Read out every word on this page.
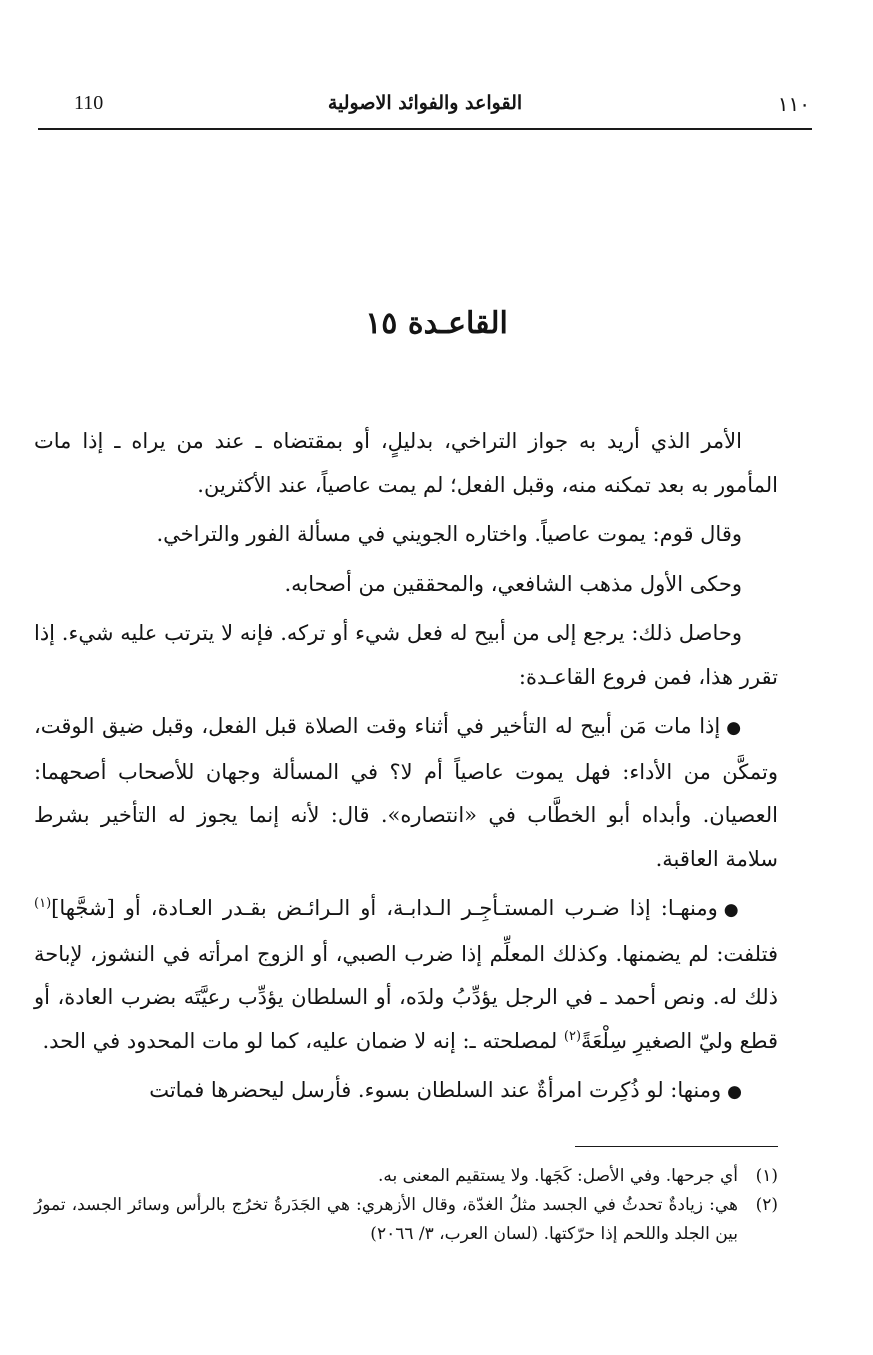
110	القواعد والفوائد الاصولية	١١٠
القاعـدة ١٥

الأمر الذي أريد به جواز التراخي، بدليلٍ، أو بمقتضاه ـ عند من يراه ـ إذا مات المأمور به بعد تمكنه منه، وقبل الفعل؛ لم يمت عاصياً، عند الأكثرين.

وقال قوم: يموت عاصياً. واختاره الجويني في مسألة الفور والتراخي.

وحكى الأول مذهب الشافعي، والمحققين من أصحابه.

وحاصل ذلك: يرجع إلى من أبيح له فعل شيء أو تركه. فإنه لا يترتب عليه شيء. إذا تقرر هذا، فمن فروع القاعـدة:

●إذا مات مَن أبيح له التأخير في أثناء وقت الصلاة قبل الفعل، وقبل ضيق الوقت، وتمكَّن من الأداء: فهل يموت عاصياً أم لا؟ في المسألة وجهان للأصحاب أصحهما: العصيان. وأبداه أبو الخطَّاب في «انتصاره». قال: لأنه إنما يجوز له التأخير بشرط سلامة العاقبة.

●ومنهـا: إذا ضـرب المستـأجِـر الـدابـة، أو الـرائـض بقـدر العـادة، أو [شجَّها]$^{(١)}$ فتلفت: لم يضمنها. وكذلك المعلِّم إذا ضرب الصبي، أو الزوج امرأته في النشوز، لإباحة ذلك له. ونص أحمد ـ في الرجل يؤدِّبُ ولدَه، أو السلطان يؤدِّب رعيَّتَه بضرب العادة، أو قطع وليّ الصغيرِ سِلْعَةً$^{(٢)}$ لمصلحته ـ: إنه لا ضمان عليه، كما لو مات المحدود في الحد.

●ومنها: لو ذُكِرت امرأةٌ عند السلطان بسوء. فأرسل ليحضرها فماتت

(١)
أي جرحها. وفي الأصل: كَجَها. ولا يستقيم المعنى به.
(٢)
هي: زيادةٌ تحدثُ في الجسد مثلُ الغدّة، وقال الأزهري: هي الجَدَرةُ تخرُج بالرأس وسائر الجسد، تمورُ بين الجلد واللحم إذا حرّكتها. (لسان العرب، ٣/ ٢٠٦٦)
